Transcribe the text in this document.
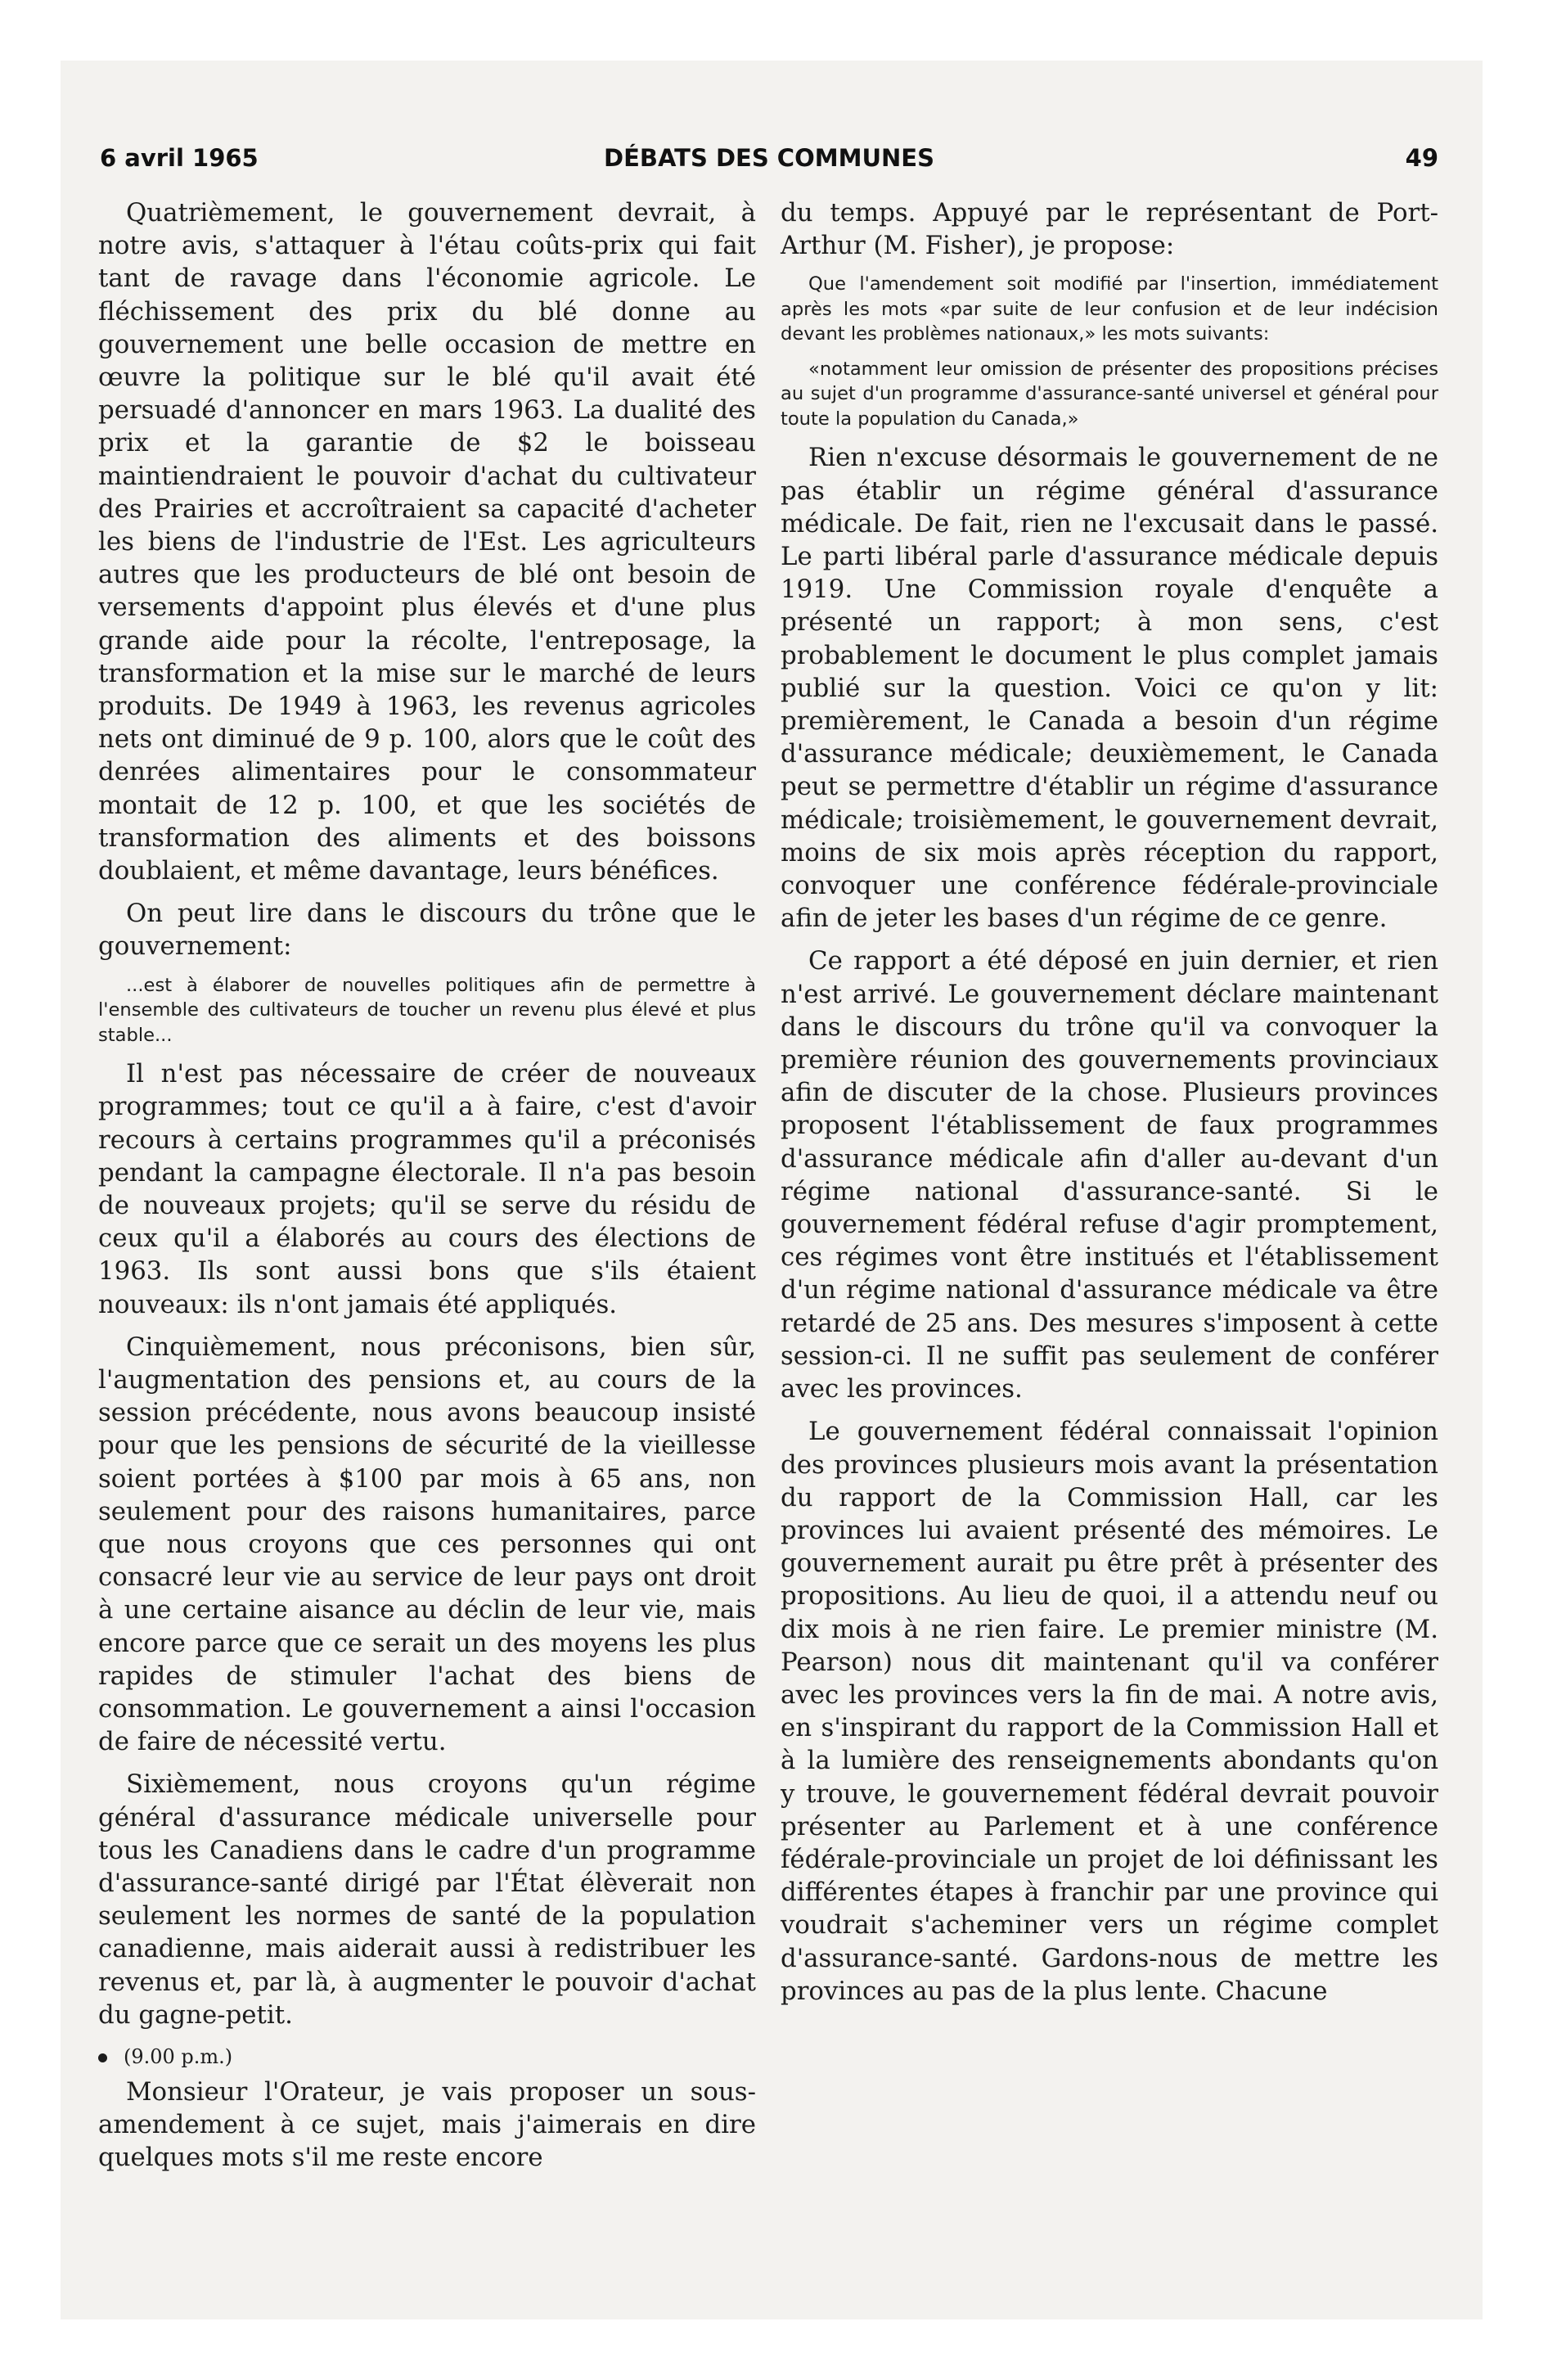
6 avril 1965	DÉBATS DES COMMUNES	49

Quatrièmement, le gouvernement devrait, à notre avis, s'attaquer à l'étau coûts-prix qui fait tant de ravage dans l'économie agricole. Le fléchissement des prix du blé donne au gouvernement une belle occasion de mettre en œuvre la politique sur le blé qu'il avait été persuadé d'annoncer en mars 1963. La dualité des prix et la garantie de $2 le boisseau maintiendraient le pouvoir d'achat du cultivateur des Prairies et accroîtraient sa capacité d'acheter les biens de l'industrie de l'Est. Les agriculteurs autres que les producteurs de blé ont besoin de versements d'appoint plus élevés et d'une plus grande aide pour la récolte, l'entreposage, la transformation et la mise sur le marché de leurs produits. De 1949 à 1963, les revenus agricoles nets ont diminué de 9 p. 100, alors que le coût des denrées alimentaires pour le consommateur montait de 12 p. 100, et que les sociétés de transformation des aliments et des boissons doublaient, et même davantage, leurs bénéfices.

On peut lire dans le discours du trône que le gouvernement:

...est à élaborer de nouvelles politiques afin de permettre à l'ensemble des cultivateurs de toucher un revenu plus élevé et plus stable...

Il n'est pas nécessaire de créer de nouveaux programmes; tout ce qu'il a à faire, c'est d'avoir recours à certains programmes qu'il a préconisés pendant la campagne électorale. Il n'a pas besoin de nouveaux projets; qu'il se serve du résidu de ceux qu'il a élaborés au cours des élections de 1963. Ils sont aussi bons que s'ils étaient nouveaux: ils n'ont jamais été appliqués.

Cinquièmement, nous préconisons, bien sûr, l'augmentation des pensions et, au cours de la session précédente, nous avons beaucoup insisté pour que les pensions de sécurité de la vieillesse soient portées à $100 par mois à 65 ans, non seulement pour des raisons humanitaires, parce que nous croyons que ces personnes qui ont consacré leur vie au service de leur pays ont droit à une certaine aisance au déclin de leur vie, mais encore parce que ce serait un des moyens les plus rapides de stimuler l'achat des biens de consommation. Le gouvernement a ainsi l'occasion de faire de nécessité vertu.

Sixièmement, nous croyons qu'un régime général d'assurance médicale universelle pour tous les Canadiens dans le cadre d'un programme d'assurance-santé dirigé par l'État élèverait non seulement les normes de santé de la population canadienne, mais aiderait aussi à redistribuer les revenus et, par là, à augmenter le pouvoir d'achat du gagne-petit.

(9.00 p.m.)

Monsieur l'Orateur, je vais proposer un sous-amendement à ce sujet, mais j'aimerais en dire quelques mots s'il me reste encore

du temps. Appuyé par le représentant de Port-Arthur (M. Fisher), je propose:

Que l'amendement soit modifié par l'insertion, immédiatement après les mots «par suite de leur confusion et de leur indécision devant les problèmes nationaux,» les mots suivants:

«notamment leur omission de présenter des propositions précises au sujet d'un programme d'assurance-santé universel et général pour toute la population du Canada,»

Rien n'excuse désormais le gouvernement de ne pas établir un régime général d'assurance médicale. De fait, rien ne l'excusait dans le passé. Le parti libéral parle d'assurance médicale depuis 1919. Une Commission royale d'enquête a présenté un rapport; à mon sens, c'est probablement le document le plus complet jamais publié sur la question. Voici ce qu'on y lit: premièrement, le Canada a besoin d'un régime d'assurance médicale; deuxièmement, le Canada peut se permettre d'établir un régime d'assurance médicale; troisièmement, le gouvernement devrait, moins de six mois après réception du rapport, convoquer une conférence fédérale-provinciale afin de jeter les bases d'un régime de ce genre.

Ce rapport a été déposé en juin dernier, et rien n'est arrivé. Le gouvernement déclare maintenant dans le discours du trône qu'il va convoquer la première réunion des gouvernements provinciaux afin de discuter de la chose. Plusieurs provinces proposent l'établissement de faux programmes d'assurance médicale afin d'aller au-devant d'un régime national d'assurance-santé. Si le gouvernement fédéral refuse d'agir promptement, ces régimes vont être institués et l'établissement d'un régime national d'assurance médicale va être retardé de 25 ans. Des mesures s'imposent à cette session-ci. Il ne suffit pas seulement de conférer avec les provinces.

Le gouvernement fédéral connaissait l'opinion des provinces plusieurs mois avant la présentation du rapport de la Commission Hall, car les provinces lui avaient présenté des mémoires. Le gouvernement aurait pu être prêt à présenter des propositions. Au lieu de quoi, il a attendu neuf ou dix mois à ne rien faire. Le premier ministre (M. Pearson) nous dit maintenant qu'il va conférer avec les provinces vers la fin de mai. A notre avis, en s'inspirant du rapport de la Commission Hall et à la lumière des renseignements abondants qu'on y trouve, le gouvernement fédéral devrait pouvoir présenter au Parlement et à une conférence fédérale-provinciale un projet de loi définissant les différentes étapes à franchir par une province qui voudrait s'acheminer vers un régime complet d'assurance-santé. Gardons-nous de mettre les provinces au pas de la plus lente. Chacune
